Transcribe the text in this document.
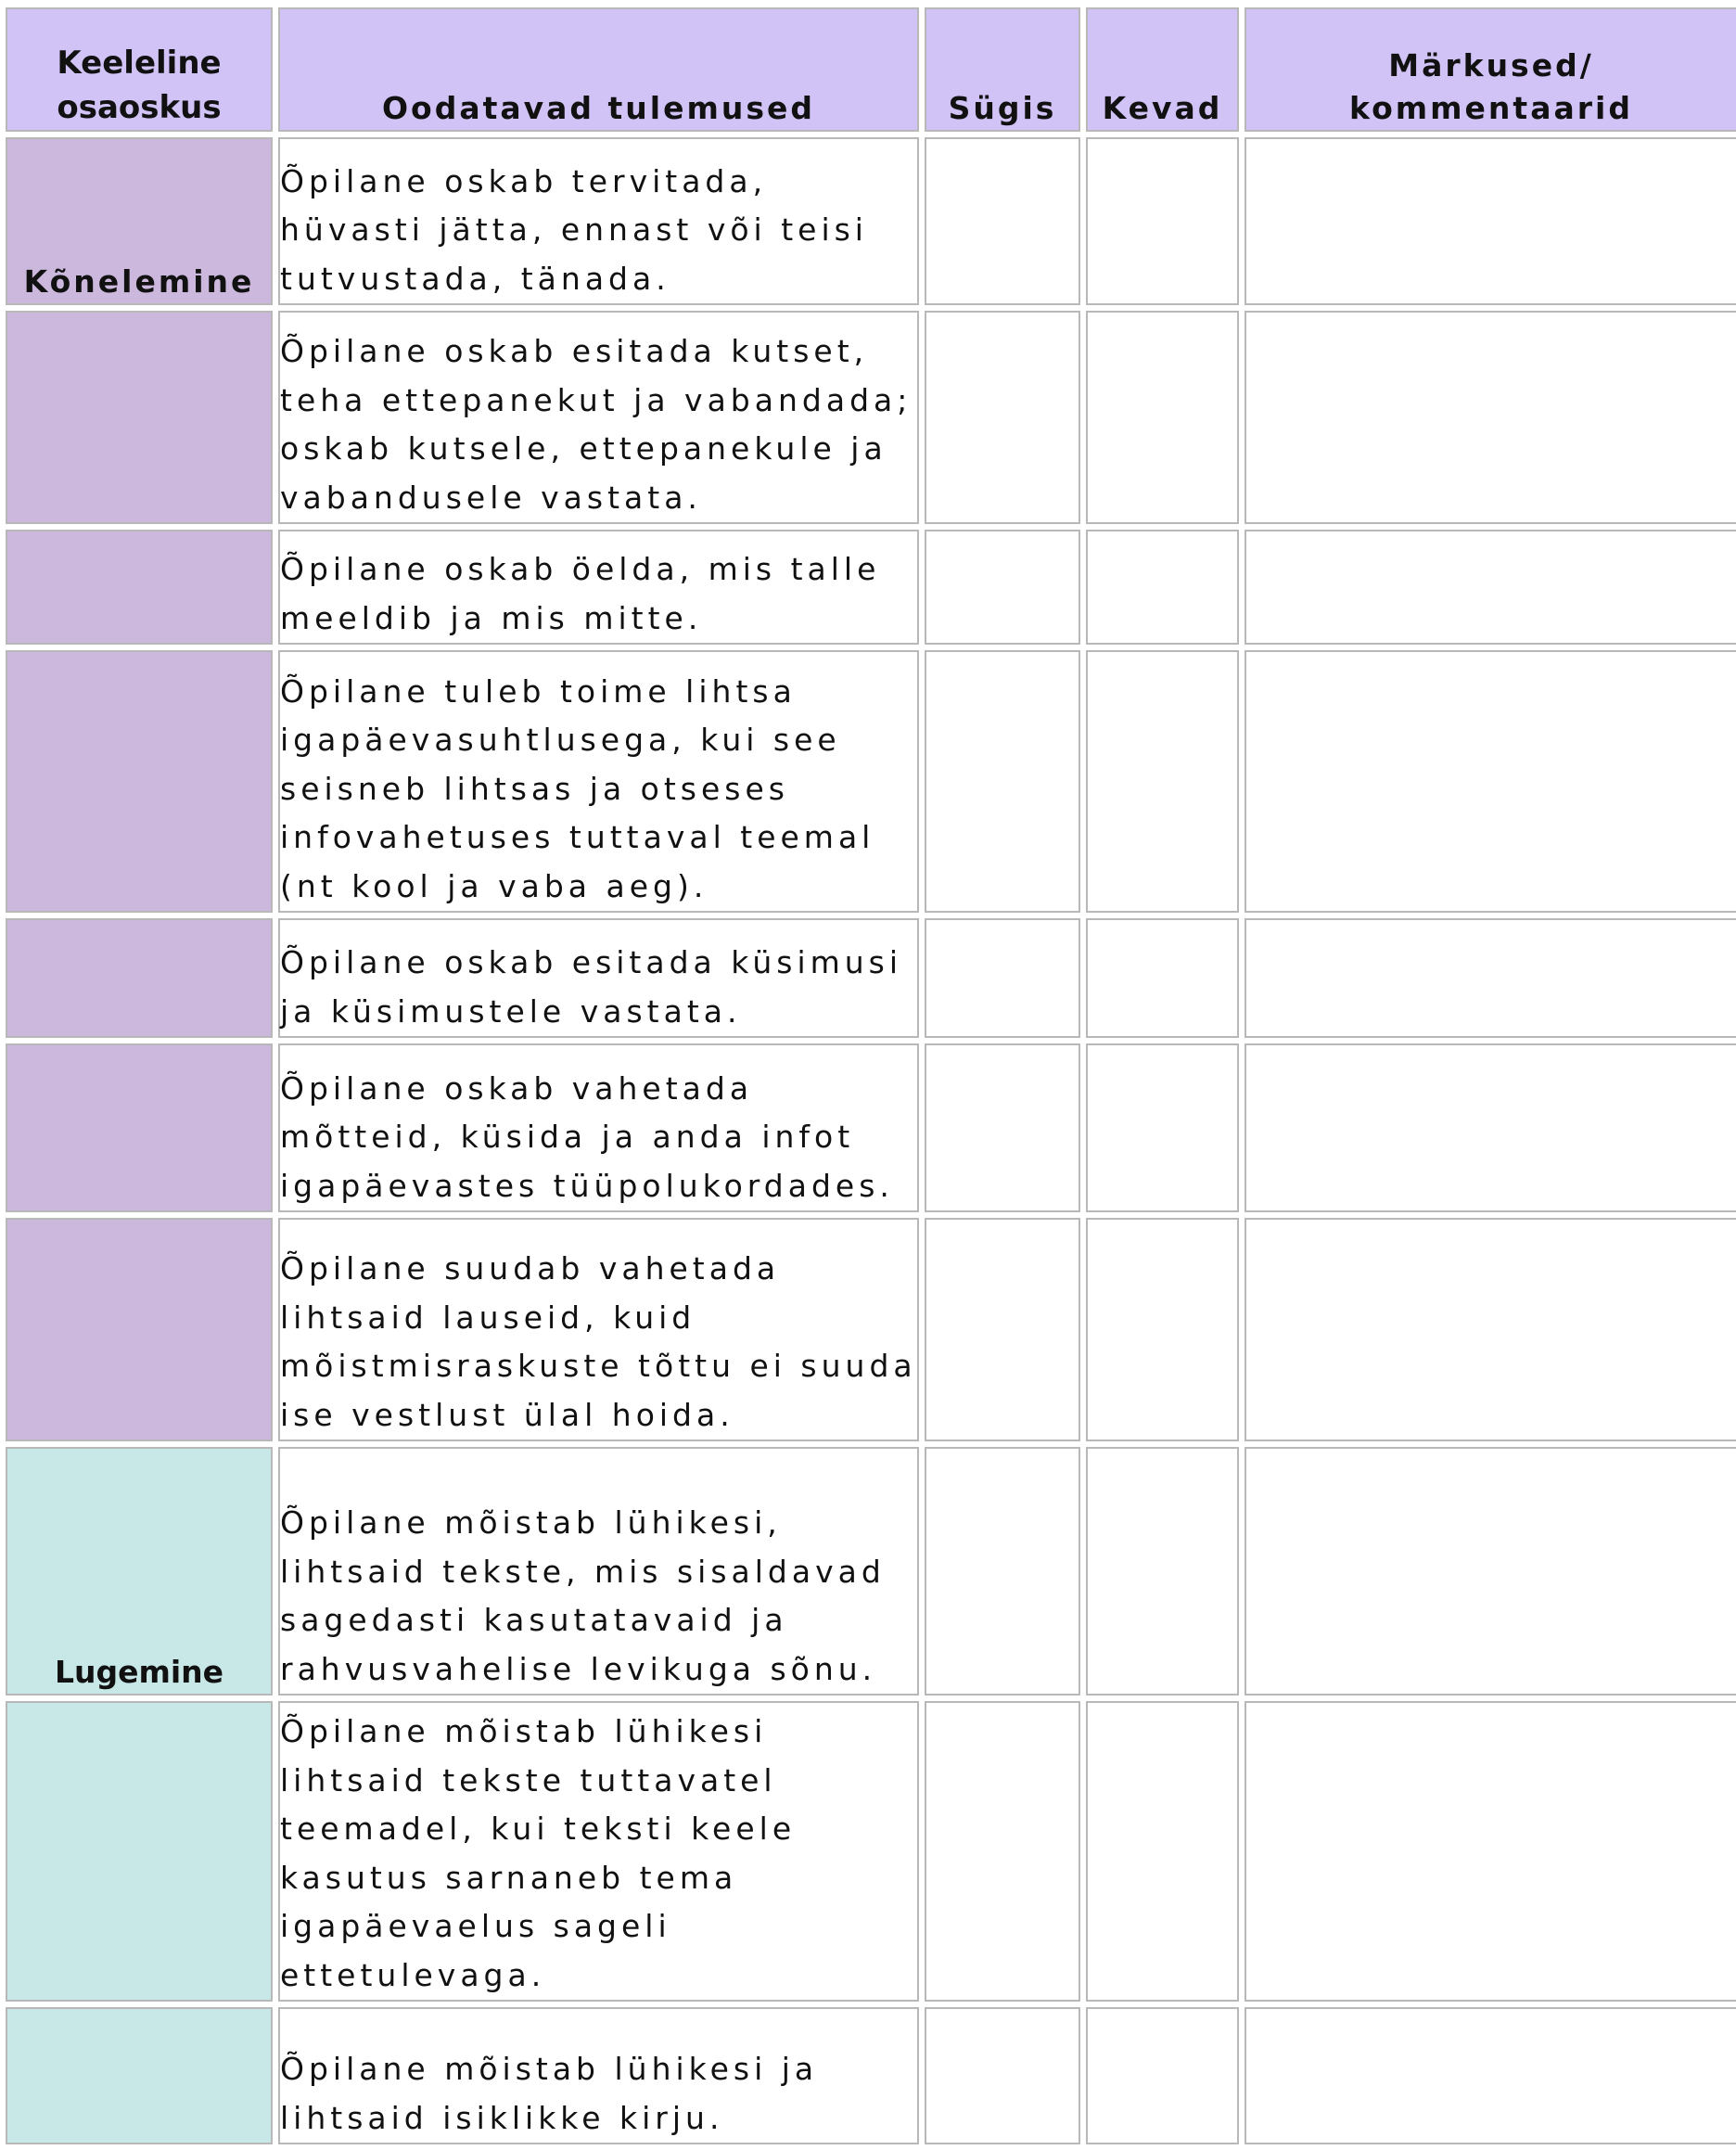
Keeleline osaoskus	Oodatavad tulemused	Sügis	Kevad	Märkused/ kommentaarid
Kõnelemine	Õpilane oskab tervitada, hüvasti jätta, ennast või teisi tutvustada, tänada.			
	Õpilane oskab esitada kutset, teha ettepanekut ja vabandada; oskab kutsele, ettepanekule ja vabandusele vastata.			
	Õpilane oskab öelda, mis talle meeldib ja mis mitte.			
	Õpilane tuleb toime lihtsa igapäevasuhtlusega, kui see seisneb lihtsas ja otseses infovahetuses tuttaval teemal (nt kool ja vaba aeg).			
	Õpilane oskab esitada küsimusi ja küsimustele vastata.			
	Õpilane oskab vahetada mõtteid, küsida ja anda infot igapäevastes tüüpolukordades.			
	Õpilane suudab vahetada lihtsaid lauseid, kuid mõistmisraskuste tõttu ei suuda ise vestlust ülal hoida.			
Lugemine	Õpilane mõistab lühikesi, lihtsaid tekste, mis sisaldavad sagedasti kasutatavaid ja rahvusvahelise levikuga sõnu.			
	Õpilane mõistab lühikesi lihtsaid tekste tuttavatel teemadel, kui teksti keele kasutus sarnaneb tema igapäevaelus sageli ettetulevaga.			
	Õpilane mõistab lühikesi ja lihtsaid isiklikke kirju.			
